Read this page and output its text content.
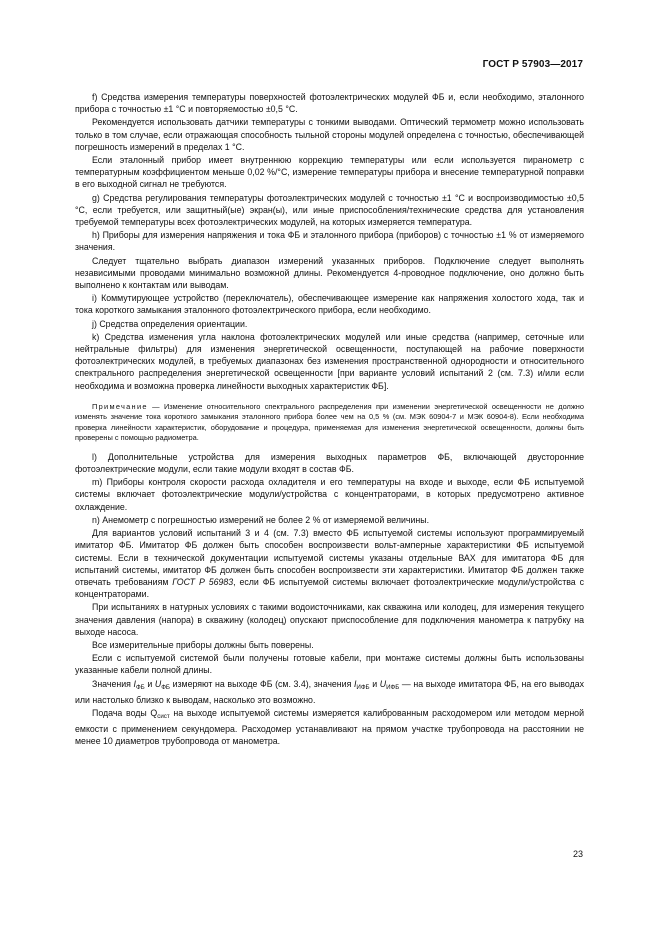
ГОСТ Р 57903—2017

f) Средства измерения температуры поверхностей фотоэлектрических модулей ФБ и, если необходимо, эталонного прибора с точностью ±1 °С и повторяемостью ±0,5 °С.

Рекомендуется использовать датчики температуры с тонкими выводами. Оптический термометр можно использовать только в том случае, если отражающая способность тыльной стороны модулей определена с точностью, обеспечивающей погрешность измерений в пределах 1 °С.

Если эталонный прибор имеет внутреннюю коррекцию температуры или если используется пиранометр с температурным коэффициентом меньше 0,02 %/°С, измерение температуры прибора и внесение температурной поправки в его выходной сигнал не требуются.

g) Средства регулирования температуры фотоэлектрических модулей с точностью ±1 °С и воспроизводимостью ±0,5 °С, если требуется, или защитный(ые) экран(ы), или иные приспособления/технические средства для установления требуемой температуры всех фотоэлектрических модулей, на которых измеряется температура.

h) Приборы для измерения напряжения и тока ФБ и эталонного прибора (приборов) с точностью ±1 % от измеряемого значения.

Следует тщательно выбрать диапазон измерений указанных приборов. Подключение следует выполнять независимыми проводами минимально возможной длины. Рекомендуется 4-проводное подключение, оно должно быть выполнено к контактам или выводам.

i) Коммутирующее устройство (переключатель), обеспечивающее измерение как напряжения холостого хода, так и тока короткого замыкания эталонного фотоэлектрического прибора, если необходимо.

j) Средства определения ориентации.

k) Средства изменения угла наклона фотоэлектрических модулей или иные средства (например, сеточные или нейтральные фильтры) для изменения энергетической освещенности, поступающей на рабочие поверхности фотоэлектрических модулей, в требуемых диапазонах без изменения пространственной однородности и относительного спектрального распределения энергетической освещенности [при варианте условий испытаний 2 (см. 7.3) и/или если необходима и возможна проверка линейности выходных характеристик ФБ].

Примечание — Изменение относительного спектрального распределения при изменении энергетической освещенности не должно изменять значение тока короткого замыкания эталонного прибора более чем на 0,5 % (см. МЭК 60904-7 и МЭК 60904-8). Если необходима проверка линейности характеристик, оборудование и процедура, применяемая для изменения энергетической освещенности, должны быть проверены с помощью радиометра.

l) Дополнительные устройства для измерения выходных параметров ФБ, включающей двусторонние фотоэлектрические модули, если такие модули входят в состав ФБ.

m) Приборы контроля скорости расхода охладителя и его температуры на входе и выходе, если ФБ испытуемой системы включает фотоэлектрические модули/устройства с концентраторами, в которых предусмотрено активное охлаждение.

n) Анемометр с погрешностью измерений не более 2 % от измеряемой величины.

Для вариантов условий испытаний 3 и 4 (см. 7.3) вместо ФБ испытуемой системы используют программируемый имитатор ФБ. Имитатор ФБ должен быть способен воспроизвести вольт-амперные характеристики ФБ испытуемой системы. Если в технической документации испытуемой системы указаны отдельные ВАХ для имитатора ФБ для испытаний системы, имитатор ФБ должен быть способен воспроизвести эти характеристики. Имитатор ФБ должен также отвечать требованиям ГОСТ Р 56983, если ФБ испытуемой системы включает фотоэлектрические модули/устройства с концентраторами.

При испытаниях в натурных условиях с такими водоисточниками, как скважина или колодец, для измерения текущего значения давления (напора) в скважину (колодец) опускают приспособление для подключения манометра к патрубку на выходе насоса.

Все измерительные приборы должны быть поверены.

Если с испытуемой системой были получены готовые кабели, при монтаже системы должны быть использованы указанные кабели полной длины.

Значения $I_{ФБ}$ и $U_{ФБ}$ измеряют на выходе ФБ (см. 3.4), значения $I_{ИФБ}$ и $U_{ИФБ}$ — на выходе имитатора ФБ, на его выводах или настолько близко к выводам, насколько это возможно.

Подача воды $Q_{сист}$ на выходе испытуемой системы измеряется калиброванным расходомером или методом мерной емкости с применением секундомера. Расходомер устанавливают на прямом участке трубопровода на расстоянии не менее 10 диаметров трубопровода от манометра.

23
